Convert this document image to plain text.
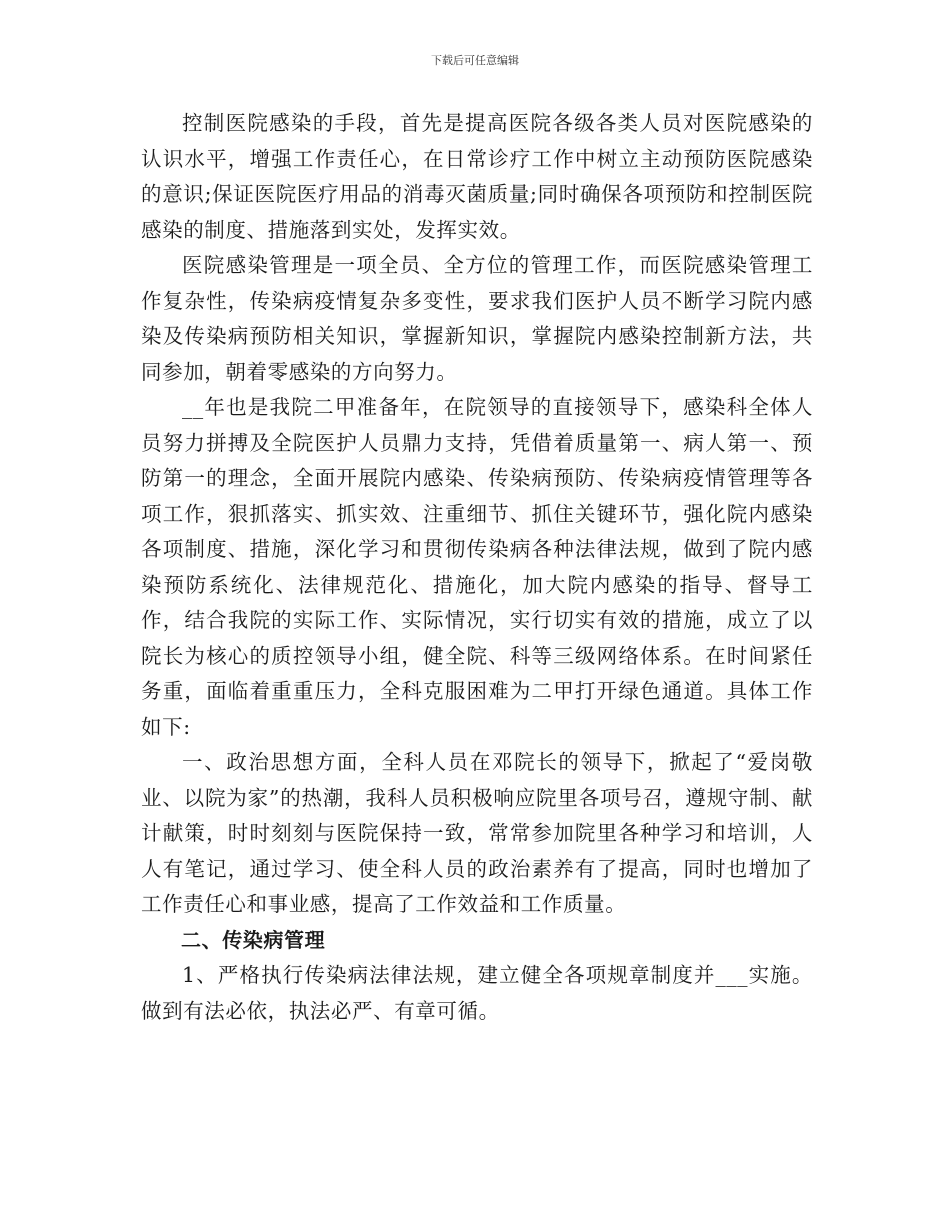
下载后可任意编辑

控制医院感染的手段，首先是提高医院各级各类人员对医院感染的认识水平，增强工作责任心，在日常诊疗工作中树立主动预防医院感染的意识;保证医院医疗用品的消毒灭菌质量;同时确保各项预防和控制医院感染的制度、措施落到实处，发挥实效。

医院感染管理是一项全员、全方位的管理工作，而医院感染管理工作复杂性，传染病疫情复杂多变性，要求我们医护人员不断学习院内感染及传染病预防相关知识，掌握新知识，掌握院内感染控制新方法，共同参加，朝着零感染的方向努力。

__年也是我院二甲准备年，在院领导的直接领导下，感染科全体人员努力拼搏及全院医护人员鼎力支持，凭借着质量第一、病人第一、预防第一的理念，全面开展院内感染、传染病预防、传染病疫情管理等各项工作，狠抓落实、抓实效、注重细节、抓住关键环节，强化院内感染各项制度、措施，深化学习和贯彻传染病各种法律法规，做到了院内感染预防系统化、法律规范化、措施化，加大院内感染的指导、督导工作，结合我院的实际工作、实际情况，实行切实有效的措施，成立了以院长为核心的质控领导小组，健全院、科等三级网络体系。在时间紧任务重，面临着重重压力，全科克服困难为二甲打开绿色通道。具体工作如下:

一、政治思想方面，全科人员在邓院长的领导下，掀起了“爱岗敬业、以院为家”的热潮，我科人员积极响应院里各项号召，遵规守制、献计献策，时时刻刻与医院保持一致，常常参加院里各种学习和培训，人人有笔记，通过学习、使全科人员的政治素养有了提高，同时也增加了工作责任心和事业感，提高了工作效益和工作质量。

二、传染病管理

1、严格执行传染病法律法规，建立健全各项规章制度并___实施。做到有法必依，执法必严、有章可循。
